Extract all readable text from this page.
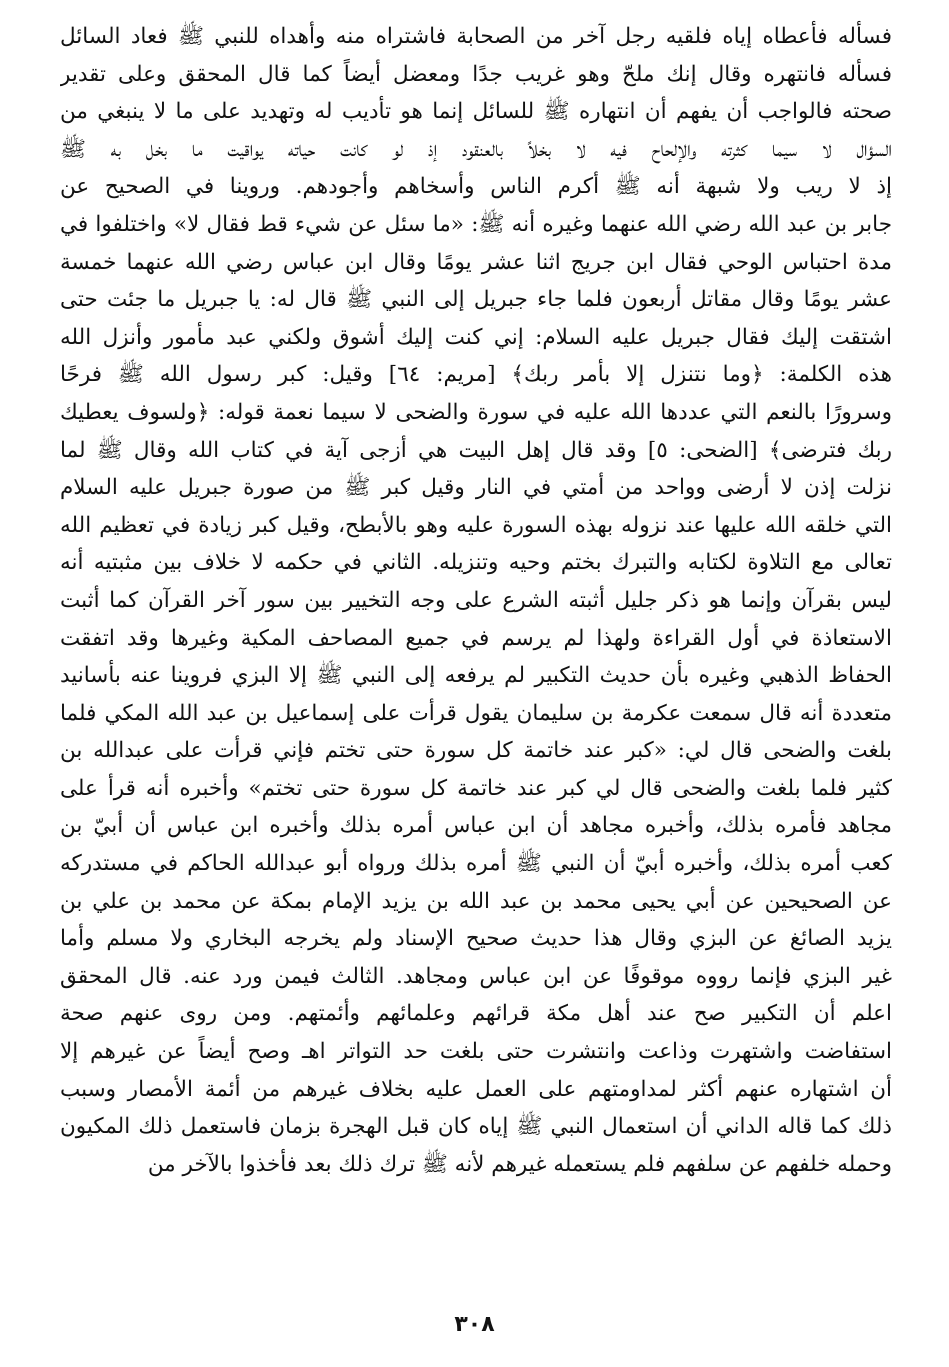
فسأله فأعطاه إياه فلقيه رجل آخر من الصحابة فاشتراه منه وأهداه للنبي ﷺ فعاد السائل
فسأله فانتهره وقال إنك ملحّ وهو غريب جدًا ومعضل أيضاً كما قال المحقق وعلى تقدير
صحته فالواجب أن يفهم أن انتهاره ﷺ للسائل إنما هو تأديب له وتهديد على ما لا ينبغي من
السؤال لا سيما كثرته والإلحاح فيه لا بخلاً بالعنقود إذ لو كانت حياته يواقيت ما بخل به ﷺ
إذ لا ريب ولا شبهة أنه ﷺ أكرم الناس وأسخاهم وأجودهم. وروينا في الصحيح عن
جابر بن عبد الله رضي الله عنهما وغيره أنه ﷺ: «ما سئل عن شيء قط فقال لا» واختلفوا في
مدة احتباس الوحي فقال ابن جريج اثنا عشر يومًا وقال ابن عباس رضي الله عنهما خمسة
عشر يومًا وقال مقاتل أربعون فلما جاء جبريل إلى النبي ﷺ قال له: يا جبريل ما جئت حتى
اشتقت إليك فقال جبريل عليه السلام: إني كنت إليك أشوق ولكني عبد مأمور وأنزل الله
هذه الكلمة: ﴿وما نتنزل إلا بأمر ربك﴾ [مريم: ٦٤] وقيل: كبر رسول الله ﷺ فرحًا
وسرورًا بالنعم التي عددها الله عليه في سورة والضحى لا سيما نعمة قوله: ﴿ولسوف يعطيك
ربك فترضى﴾ [الضحى: ٥] وقد قال إهل البيت هي أزجى آية في كتاب الله وقال ﷺ لما
نزلت إذن لا أرضى وواحد من أمتي في النار وقيل كبر ﷺ من صورة جبريل عليه السلام
التي خلقه الله عليها عند نزوله بهذه السورة عليه وهو بالأبطح، وقيل كبر زيادة في تعظيم الله
تعالى مع التلاوة لكتابه والتبرك بختم وحيه وتنزيله. الثاني في حكمه لا خلاف بين مثبتيه أنه
ليس بقرآن وإنما هو ذكر جليل أثبته الشرع على وجه التخيير بين سور آخر القرآن كما أثبت
الاستعاذة في أول القراءة ولهذا لم يرسم في جميع المصاحف المكية وغيرها وقد اتفقت
الحفاظ الذهبي وغيره بأن حديث التكبير لم يرفعه إلى النبي ﷺ إلا البزي فروينا عنه بأسانيد
متعددة أنه قال سمعت عكرمة بن سليمان يقول قرأت على إسماعيل بن عبد الله المكي فلما
بلغت والضحى قال لي: «كبر عند خاتمة كل سورة حتى تختم فإني قرأت على عبدالله بن
كثير فلما بلغت والضحى قال لي كبر عند خاتمة كل سورة حتى تختم» وأخبره أنه قرأ على
مجاهد فأمره بذلك، وأخبره مجاهد أن ابن عباس أمره بذلك وأخبره ابن عباس أن أبيّ بن
كعب أمره بذلك، وأخبره أبيّ أن النبي ﷺ أمره بذلك ورواه أبو عبدالله الحاكم في مستدركه
عن الصحيحين عن أبي يحيى محمد بن عبد الله بن يزيد الإمام بمكة عن محمد بن علي بن
يزيد الصائغ عن البزي وقال هذا حديث صحيح الإسناد ولم يخرجه البخاري ولا مسلم وأما
غير البزي فإنما رووه موقوفًا عن ابن عباس ومجاهد. الثالث فيمن ورد عنه. قال المحقق
اعلم أن التكبير صح عند أهل مكة قرائهم وعلمائهم وأئمتهم. ومن روى عنهم صحة
استفاضت واشتهرت وذاعت وانتشرت حتى بلغت حد التواتر اهـ وصح أيضاً عن غيرهم إلا
أن اشتهاره عنهم أكثر لمداومتهم على العمل عليه بخلاف غيرهم من أئمة الأمصار وسبب
ذلك كما قاله الداني أن استعمال النبي ﷺ إياه كان قبل الهجرة بزمان فاستعمل ذلك المكيون
وحمله خلفهم عن سلفهم فلم يستعمله غيرهم لأنه ﷺ ترك ذلك بعد فأخذوا بالآخر من
٣٠٨
